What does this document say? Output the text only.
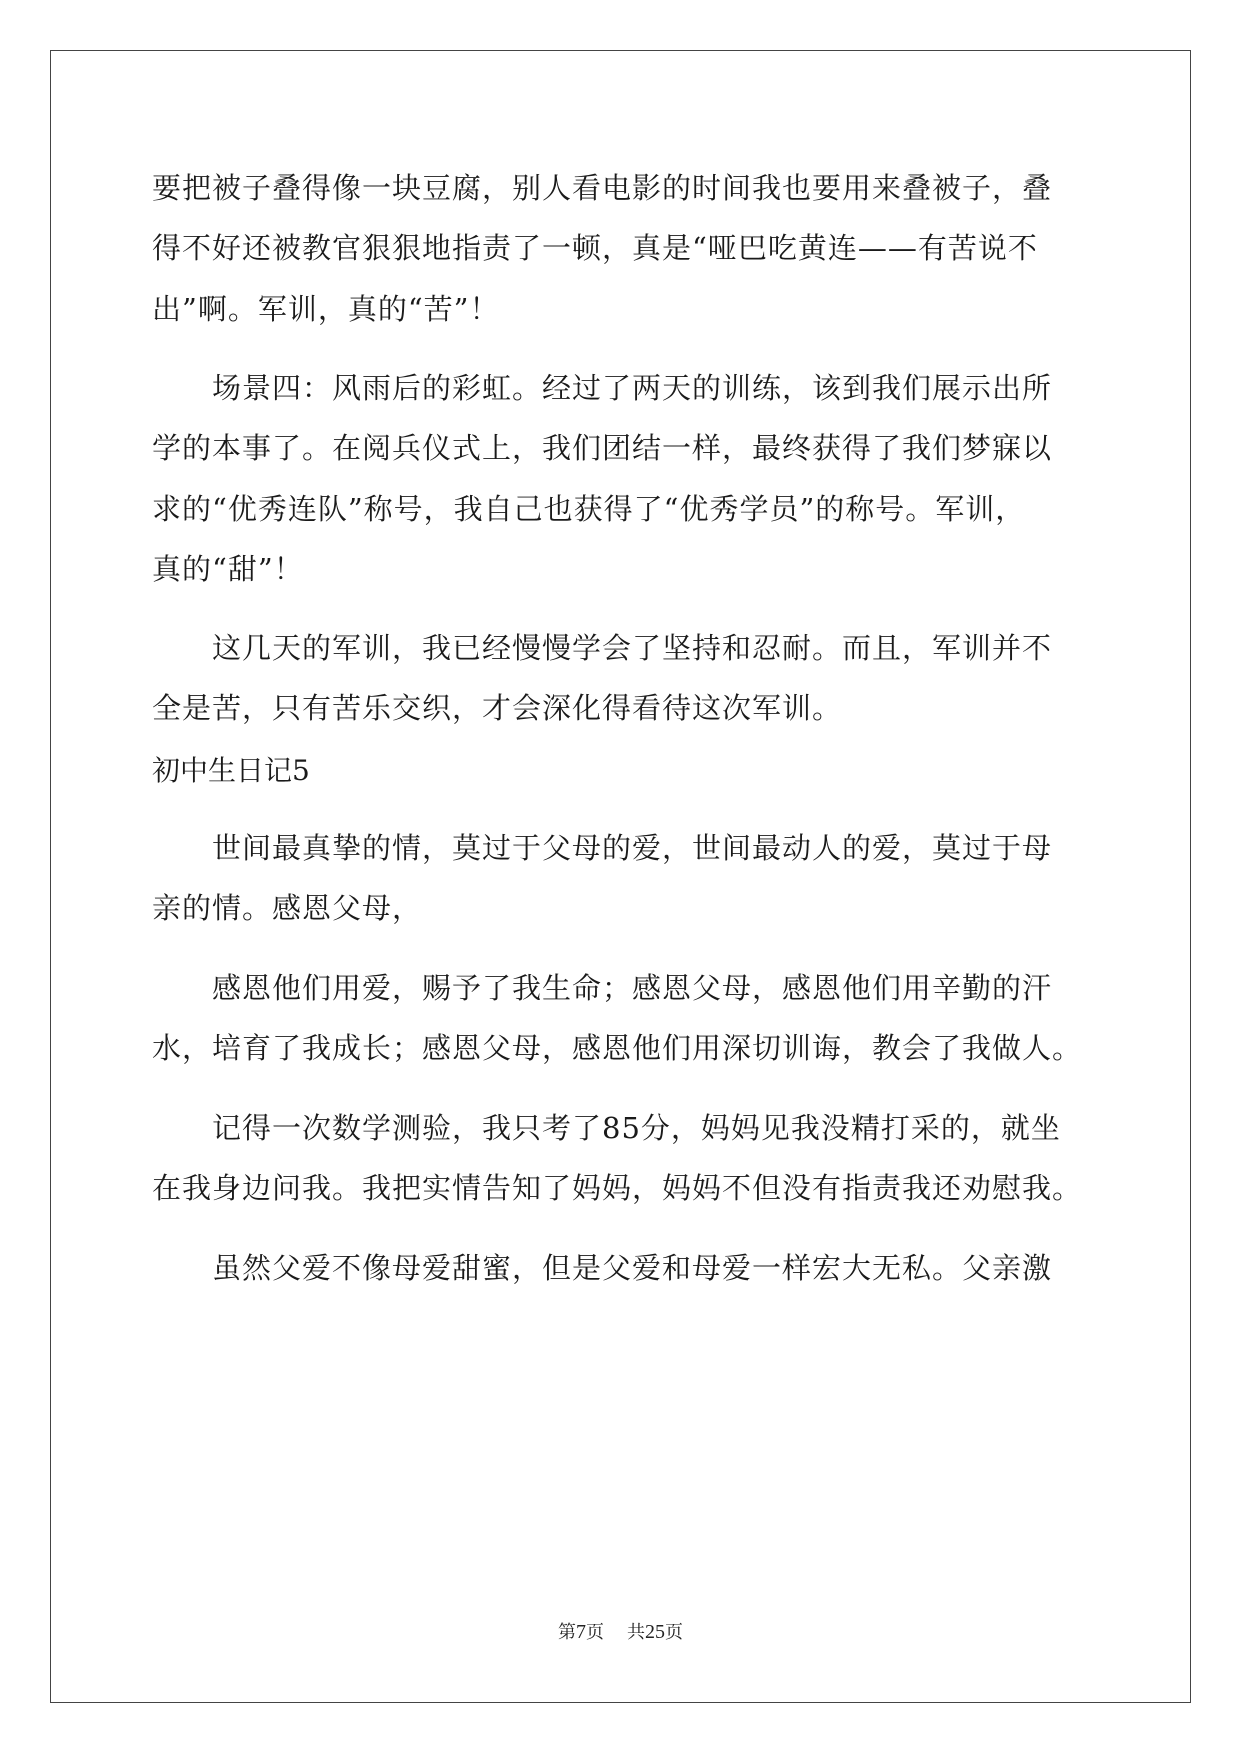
要把被子叠得像一块豆腐，别人看电影的时间我也要用来叠被子，叠
得不好还被教官狠狠地指责了一顿，真是“哑巴吃黄连——有苦说不
出”啊。军训，真的“苦”！
场景四：风雨后的彩虹。经过了两天的训练，该到我们展示出所
学的本事了。在阅兵仪式上，我们团结一样，最终获得了我们梦寐以
求的“优秀连队”称号，我自己也获得了“优秀学员”的称号。军训，
真的“甜”！
这几天的军训，我已经慢慢学会了坚持和忍耐。而且，军训并不
全是苦，只有苦乐交织，才会深化得看待这次军训。
初中生日记5
世间最真挚的情，莫过于父母的爱，世间最动人的爱，莫过于母
亲的情。感恩父母，
感恩他们用爱，赐予了我生命；感恩父母，感恩他们用辛勤的汗
水，培育了我成长；感恩父母，感恩他们用深切训诲，教会了我做人。
记得一次数学测验，我只考了85分，妈妈见我没精打采的，就坐
在我身边问我。我把实情告知了妈妈，妈妈不但没有指责我还劝慰我。
虽然父爱不像母爱甜蜜，但是父爱和母爱一样宏大无私。父亲激
第7页 共25页
